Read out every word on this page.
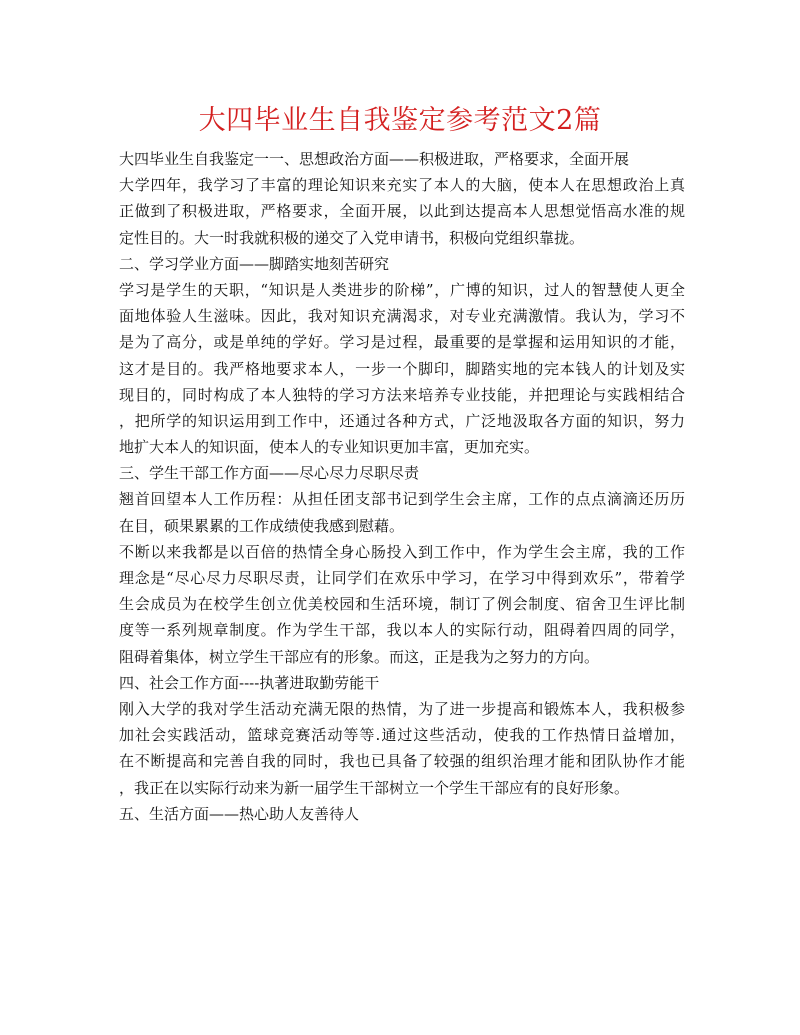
大四毕业生自我鉴定参考范文2篇
大四毕业生自我鉴定一一、思想政治方面——积极进取，严格要求，全面开展
大学四年，我学习了丰富的理论知识来充实了本人的大脑，使本人在思想政治上真
正做到了积极进取，严格要求，全面开展，以此到达提高本人思想觉悟高水准的规
定性目的。大一时我就积极的递交了入党申请书，积极向党组织靠拢。
二、学习学业方面——脚踏实地刻苦研究
学习是学生的天职，“知识是人类进步的阶梯”，广博的知识，过人的智慧使人更全
面地体验人生滋味。因此，我对知识充满渴求，对专业充满激情。我认为，学习不
是为了高分，或是单纯的学好。学习是过程，最重要的是掌握和运用知识的才能，
这才是目的。我严格地要求本人，一步一个脚印，脚踏实地的完本钱人的计划及实
现目的，同时构成了本人独特的学习方法来培养专业技能，并把理论与实践相结合
，把所学的知识运用到工作中，还通过各种方式，广泛地汲取各方面的知识，努力
地扩大本人的知识面，使本人的专业知识更加丰富，更加充实。
三、学生干部工作方面——尽心尽力尽职尽责
翘首回望本人工作历程：从担任团支部书记到学生会主席，工作的点点滴滴还历历
在目，硕果累累的工作成绩使我感到慰藉。
不断以来我都是以百倍的热情全身心肠投入到工作中，作为学生会主席，我的工作
理念是“尽心尽力尽职尽责，让同学们在欢乐中学习，在学习中得到欢乐”，带着学
生会成员为在校学生创立优美校园和生活环境，制订了例会制度、宿舍卫生评比制
度等一系列规章制度。作为学生干部，我以本人的实际行动，阻碍着四周的同学，
阻碍着集体，树立学生干部应有的形象。而这，正是我为之努力的方向。
四、社会工作方面----执著进取勤劳能干
刚入大学的我对学生活动充满无限的热情，为了进一步提高和锻炼本人，我积极参
加社会实践活动，篮球竞赛活动等等.通过这些活动，使我的工作热情日益增加，
在不断提高和完善自我的同时，我也已具备了较强的组织治理才能和团队协作才能
，我正在以实际行动来为新一届学生干部树立一个学生干部应有的良好形象。
五、生活方面——热心助人友善待人
